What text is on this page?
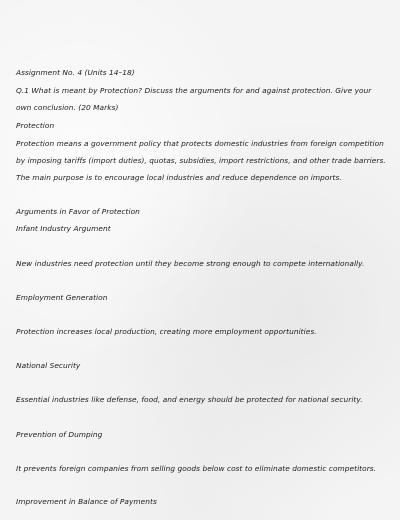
Assignment No. 4 (Units 14–18)
Q.1 What is meant by Protection? Discuss the arguments for and against protection. Give your
own conclusion. (20 Marks)
Protection
Protection means a government policy that protects domestic industries from foreign competition
by imposing tariffs (import duties), quotas, subsidies, import restrictions, and other trade barriers.
The main purpose is to encourage local industries and reduce dependence on imports.
Arguments in Favor of Protection
Infant Industry Argument
New industries need protection until they become strong enough to compete internationally.
Employment Generation
Protection increases local production, creating more employment opportunities.
National Security
Essential industries like defense, food, and energy should be protected for national security.
Prevention of Dumping
It prevents foreign companies from selling goods below cost to eliminate domestic competitors.
Improvement in Balance of Payments
